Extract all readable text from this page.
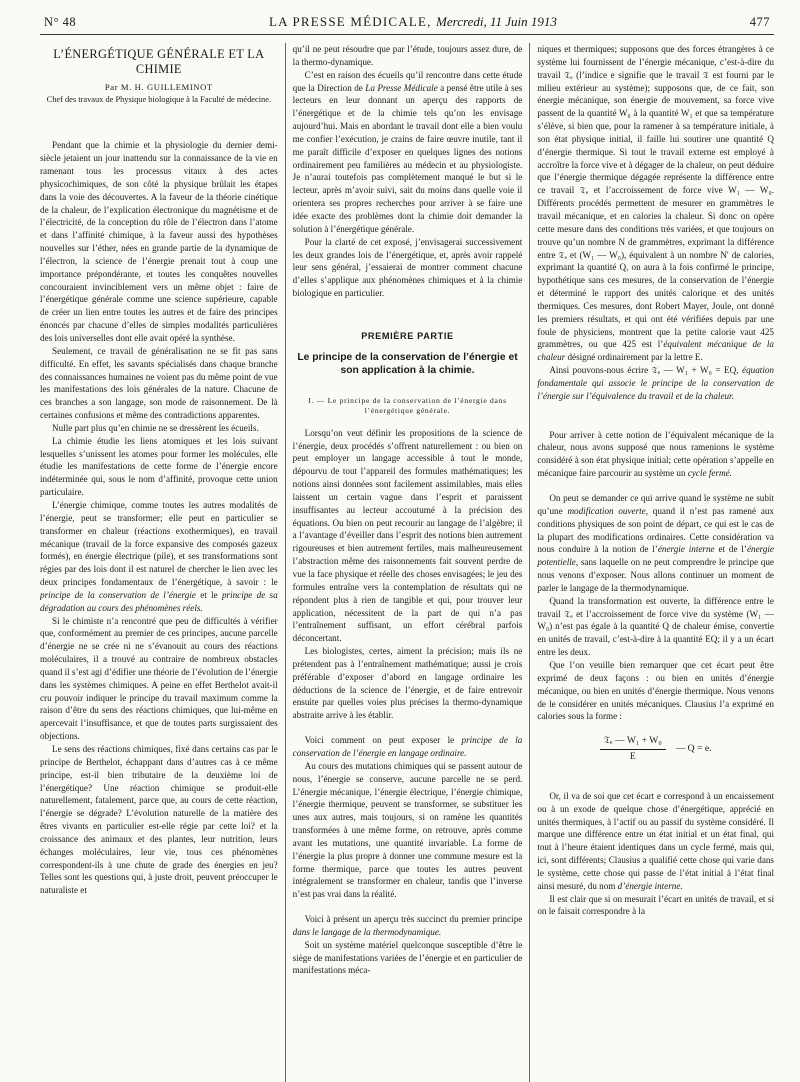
N° 48	LA PRESSE MÉDICALE, Mercredi, 11 Juin 1913	477
L’ÉNERGÉTIQUE GÉNÉRALE ET LA CHIMIE
Par M. H. GUILLEMINOT
Chef des travaux de Physique biologique à la Faculté de médecine.

Pendant que la chimie et la physiologie du dernier demi-siècle jetaient un jour inattendu sur la connaissance de la vie en ramenant tous les processus vitaux à des actes physicochimiques, de son côté la physique brûlait les étapes dans la voie des découvertes. A la faveur de la théorie cinétique de la chaleur, de l’explication électronique du magnétisme et de l’électricité, de la conception du rôle de l’électron dans l’atome et dans l’affinité chimique, à la faveur aussi des hypothèses nouvelles sur l’éther, nées en grande partie de la dynamique de l’électron, la science de l’énergie prenait tout à coup une importance prépondérante, et toutes les conquêtes nouvelles concouraient invinciblement vers un même objet : faire de l’énergétique générale comme une science supérieure, capable de créer un lien entre toutes les autres et de faire des principes énoncés par chacune d’elles de simples modalités particulières des lois universelles dont elle avait opéré la synthèse.

Seulement, ce travail de généralisation ne se fit pas sans difficulté. En effet, les savants spécialisés dans chaque branche des connaissances humaines ne voient pas du même point de vue les manifestations des lois générales de la nature. Chacune de ces branches a son langage, son mode de raisonnement. De là certaines confusions et même des contradictions apparentes.

Nulle part plus qu’en chimie ne se dressèrent les écueils.

La chimie étudie les liens atomiques et les lois suivant lesquelles s’unissent les atomes pour former les molécules, elle étudie les manifestations de cette forme de l’énergie encore indéterminée qui, sous le nom d’affinité, provoque cette union particulaire.

L’énergie chimique, comme toutes les autres modalités de l’énergie, peut se transformer; elle peut en particulier se transformer en chaleur (réactions exothermiques), en travail mécanique (travail de la force expansive des composés gazeux formés), en énergie électrique (pile), et ses transformations sont régies par des lois dont il est naturel de chercher le lien avec les deux principes fondamentaux de l’énergétique, à savoir : le principe de la conservation de l’énergie et le principe de sa dégradation au cours des phénomènes réels.

Si le chimiste n’a rencontré que peu de difficultés à vérifier que, conformément au premier de ces principes, aucune parcelle d’énergie ne se crée ni ne s’évanouit au cours des réactions moléculaires, il a trouvé au contraire de nombreux obstacles quand il s’est agi d’édifier une théorie de l’évolution de l’énergie dans les systèmes chimiques. A peine en effet Berthelot avait-il cru pouvoir indiquer le principe du travail maximum comme la raison d’être du sens des réactions chimiques, que lui-même en apercevait l’insuffisance, et que de toutes parts surgissaient des objections.

Le sens des réactions chimiques, fixé dans certains cas par le principe de Berthelot, échappant dans d’autres cas à ce même principe, est-il bien tributaire de la deuxième loi de l’énergétique? Une réaction chimique se produit-elle naturellement, fatalement, parce que, au cours de cette réaction, l’énergie se dégrade? L’évolution naturelle de la matière des êtres vivants en particulier est-elle régie par cette loi? et la croissance des animaux et des plantes, leur nutrition, leurs échanges moléculaires, leur vie, tous ces phénomènes correspondent-ils à une chute de grade des énergies en jeu? Telles sont les questions qui, à juste droit, peuvent préoccuper le naturaliste et

qu’il ne peut résoudre que par l’étude, toujours assez dure, de la thermo-dynamique.

C’est en raison des écueils qu’il rencontre dans cette étude que la Direction de La Presse Médicale a pensé être utile à ses lecteurs en leur donnant un aperçu des rapports de l’énergétique et de la chimie tels qu’on les envisage aujourd’hui. Mais en abordant le travail dont elle a bien voulu me confier l’exécution, je crains de faire œuvre inutile, tant il me paraît difficile d’exposer en quelques lignes des notions ordinairement peu familières au médecin et au physiologiste. Je n’aurai toutefois pas complètement manqué le but si le lecteur, après m’avoir suivi, sait du moins dans quelle voie il orientera ses propres recherches pour arriver à se faire une idée exacte des problèmes dont la chimie doit demander la solution à l’énergétique générale.

Pour la clarté de cet exposé, j’envisagerai successivement les deux grandes lois de l’énergétique, et, après avoir rappelé leur sens général, j’essaierai de montrer comment chacune d’elles s’applique aux phénomènes chimiques et à la chimie biologique en particulier.

PREMIÈRE PARTIE
Le principe de la conservation de l’énergie et son application à la chimie.
I. — Le principe de la conservation de l’énergie dans l’énergétique générale.

Lorsqu’on veut définir les propositions de la science de l’énergie, deux procédés s’offrent naturellement : ou bien on peut employer un langage accessible à tout le monde, dépourvu de tout l’appareil des formules mathématiques; les notions ainsi données sont facilement assimilables, mais elles laissent un certain vague dans l’esprit et paraissent insuffisantes au lecteur accoutumé à la précision des équations. Ou bien on peut recourir au langage de l’algèbre; il a l’avantage d’éveiller dans l’esprit des notions bien autrement rigoureuses et bien autrement fertiles, mais malheureusement l’abstraction même des raisonnements fait souvent perdre de vue la face physique et réelle des choses envisagées; le jeu des formules entraîne vers la contemplation de résultats qui ne répondent plus à rien de tangible et qui, pour trouver leur application, nécessitent de la part de qui n’a pas l’entraînement suffisant, un effort cérébral parfois déconcertant.

Les biologistes, certes, aiment la précision; mais ils ne prétendent pas à l’entraînement mathématique; aussi je crois préférable d’exposer d’abord en langage ordinaire les déductions de la science de l’énergie, et de faire entrevoir ensuite par quelles voies plus précises la thermo-dynamique abstraite arrive à les établir.

Voici comment on peut exposer le principe de la conservation de l’énergie en langage ordinaire.

Au cours des mutations chimiques qui se passent autour de nous, l’énergie se conserve, aucune parcelle ne se perd. L’énergie mécanique, l’énergie électrique, l’énergie chimique, l’énergie thermique, peuvent se transformer, se substituer les unes aux autres, mais toujours, si on ramène les quantités transformées à une même forme, on retrouve, après comme avant les mutations, une quantité invariable. La forme de l’énergie la plus propre à donner une commune mesure est la forme thermique, parce que toutes les autres peuvent intégralement se transformer en chaleur, tandis que l’inverse n’est pas vrai dans la réalité.

Voici à présent un aperçu très succinct du premier principe dans le langage de la thermodynamique.

Soit un système matériel quelconque susceptible d’être le siège de manifestations variées de l’énergie et en particulier de manifestations méca-

niques et thermiques; supposons que des forces étrangères à ce système lui fournissent de l’énergie mécanique, c’est-à-dire du travail 𝔗ₑ (l’indice e signifie que le travail 𝔗 est fourni par le milieu extérieur au système); supposons que, de ce fait, son énergie mécanique, son énergie de mouvement, sa force vive passent de la quantité W₀ à la quantité W₁ et que sa température s’élève, si bien que, pour la ramener à sa température initiale, à son état physique initial, il faille lui soutirer une quantité Q d’énergie thermique. Si tout le travail externe est employé à accroître la force vive et à dégager de la chaleur, on peut déduire que l’énergie thermique dégagée représente la différence entre ce travail 𝔗ₑ et l’accroissement de force vive W₁ — W₀. Différents procédés permettent de mesurer en grammètres le travail mécanique, et en calories la chaleur. Si donc on opère cette mesure dans des conditions très variées, et que toujours on trouve qu’un nombre N de grammètres, exprimant la différence entre 𝔗ₑ et (W₁ — W₀), équivalent à un nombre N′ de calories, exprimant la quantité Q, on aura à la fois confirmé le principe, hypothétique sans ces mesures, de la conservation de l’énergie et déterminé le rapport des unités calorique et des unités thermiques. Ces mesures, dont Robert Mayer, Joule, ont donné les premiers résultats, et qui ont été vérifiées depuis par une foule de physiciens, montrent que la petite calorie vaut 425 grammètres, ou que 425 est l’équivalent mécanique de la chaleur désigné ordinairement par la lettre E.

Ainsi pouvons-nous écrire 𝔗ₑ — W₁ + W₀ = EQ, équation fondamentale qui associe le principe de la conservation de l’énergie sur l’équivalence du travail et de la chaleur.

Pour arriver à cette notion de l’équivalent mécanique de la chaleur, nous avons supposé que nous ramenions le système considéré à son état physique initial; cette opération s’appelle en mécanique faire parcourir au système un cycle fermé.

On peut se demander ce qui arrive quand le système ne subit qu’une modification ouverte, quand il n’est pas ramené aux conditions physiques de son point de départ, ce qui est le cas de la plupart des modifications ordinaires. Cette considération va nous conduire à la notion de l’énergie interne et de l’énergie potentielle, sans laquelle on ne peut comprendre le principe que nous venons d’exposer. Nous allons continuer un moment de parler le langage de la thermodynamique.

Quand la transformation est ouverte, la différence entre le travail 𝔗ₑ et l’accroissement de force vive du système (W₁ — W₀) n’est pas égale à la quantité Q de chaleur émise, convertie en unités de travail, c’est-à-dire à la quantité EQ; il y a un écart entre les deux.

Que l’on veuille bien remarquer que cet écart peut être exprimé de deux façons : ou bien en unités d’énergie mécanique, ou bien en unités d’énergie thermique. Nous venons de le considérer en unités mécaniques. Clausius l’a exprimé en calories sous la forme :

$\frac{\text{𝔗ₑ — W₁ + W₀}}{E}$ — Q = e.

Or, il va de soi que cet écart e correspond à un encaissement ou à un exode de quelque chose d’énergétique, apprécié en unités thermiques, à l’actif ou au passif du système considéré. Il marque une différence entre un état initial et un état final, qui tout à l’heure étaient identiques dans un cycle fermé, mais qui, ici, sont différents; Clausius a qualifié cette chose qui varie dans le système, cette chose qui passe de l’état initial à l’état final ainsi mesuré, du nom d’énergie interne.

Il est clair que si on mesurait l’écart en unités de travail, et si on le faisait correspondre à la
